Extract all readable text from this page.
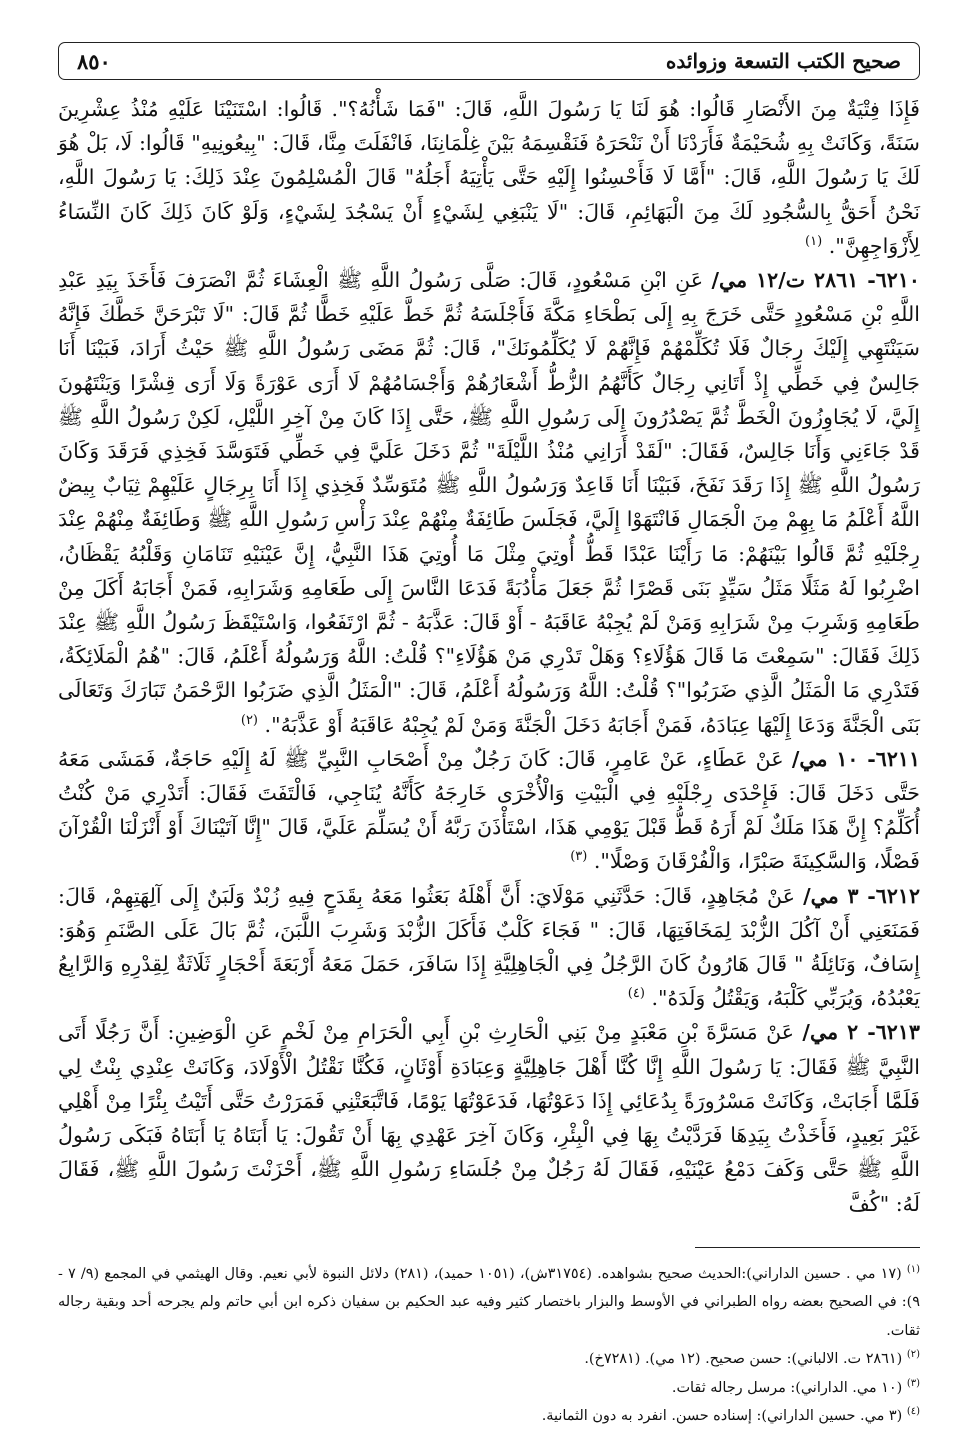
صحيح الكتب التسعة وزوائده
٨٥٠

فَإِذَا فِتْيَةٌ مِنَ الأَنْصَارِ قَالُوا: هُوَ لَنَا يَا رَسُولَ اللَّهِ، قَالَ: "فَمَا شَأْنُهُ؟". قَالُوا: اسْتَنَيْنَا عَلَيْهِ مُنْذُ عِشْرِينَ سَنَةً، وَكَانَتْ بِهِ شُحَيْمَةٌ فَأَرَدْنَا أَنْ نَنْحَرَهُ فَنَقْسِمَهُ بَيْنَ غِلْمَانِنَا، فَانْفَلَتَ مِنَّا، قَالَ: "بِيعُونِيهِ" قَالُوا: لَا، بَلْ هُوَ لَكَ يَا رَسُولَ اللَّهِ، قَالَ: "أَمَّا لَا فَأَحْسِنُوا إِلَيْهِ حَتَّى يَأْتِيَهُ أَجَلُهُ" قَالَ الْمُسْلِمُونَ عِنْدَ ذَلِكَ: يَا رَسُولَ اللَّهِ، نَحْنُ أَحَقُّ بِالسُّجُودِ لَكَ مِنَ الْبَهَائِمِ، قَالَ: "لَا يَنْبَغِي لِشَيْءٍ أَنْ يَسْجُدَ لِشَيْءٍ، وَلَوْ كَانَ ذَلِكَ كَانَ النِّسَاءُ لِأَزْوَاجِهِنَّ". $^{(١)}$

٦٢١٠- ٢٨٦١ ت/١٢ مي/ عَنِ ابْنِ مَسْعُودٍ، قَالَ: صَلَّى رَسُولُ اللَّهِ ﷺ الْعِشَاءَ ثُمَّ انْصَرَفَ فَأَخَذَ بِيَدِ عَبْدِ اللَّهِ بْنِ مَسْعُودٍ حَتَّى خَرَجَ بِهِ إِلَى بَطْحَاءِ مَكَّةَ فَأَجْلَسَهُ ثُمَّ خَطَّ عَلَيْهِ خَطًّا ثُمَّ قَالَ: "لَا تَبْرَحَنَّ خَطَّكَ فَإِنَّهُ سَيَنْتَهِي إِلَيْكَ رِجَالٌ فَلَا تُكَلِّمْهُمْ فَإِنَّهُمْ لَا يُكَلِّمُونَكَ"، قَالَ: ثُمَّ مَضَى رَسُولُ اللَّهِ ﷺ حَيْثُ أَرَادَ، فَبَيْنَا أَنَا جَالِسٌ فِي خَطِّي إِذْ أَتَانِي رِجَالٌ كَأَنَّهُمُ الزُّطُّ أَشْعَارُهُمْ وَأَجْسَامُهُمْ لَا أَرَى عَوْرَةً وَلَا أَرَى قِشْرًا وَيَنْتَهُونَ إِلَيَّ، لَا يُجَاوِزُونَ الْخَطَّ ثُمَّ يَصْدُرُونَ إِلَى رَسُولِ اللَّهِ ﷺ، حَتَّى إِذَا كَانَ مِنْ آخِرِ اللَّيْلِ، لَكِنْ رَسُولُ اللَّهِ ﷺ قَدْ جَاءَنِي وَأَنَا جَالِسٌ، فَقَالَ: "لَقَدْ أَرَانِي مُنْذُ اللَّيْلَةَ" ثُمَّ دَخَلَ عَلَيَّ فِي خَطِّي فَتَوَسَّدَ فَخِذِي فَرَقَدَ وَكَانَ رَسُولُ اللَّهِ ﷺ إِذَا رَقَدَ نَفَخَ، فَبَيْنَا أَنَا قَاعِدٌ وَرَسُولُ اللَّهِ ﷺ مُتَوَسِّدٌ فَخِذِي إِذَا أَنَا بِرِجَالٍ عَلَيْهِمْ ثِيَابٌ بِيضٌ اللَّهُ أَعْلَمُ مَا بِهِمْ مِنَ الْجَمَالِ فَانْتَهَوْا إِلَيَّ، فَجَلَسَ طَائِفَةٌ مِنْهُمْ عِنْدَ رَأْسِ رَسُولِ اللَّهِ ﷺ وَطَائِفَةٌ مِنْهُمْ عِنْدَ رِجْلَيْهِ ثُمَّ قَالُوا بَيْنَهُمْ: مَا رَأَيْنَا عَبْدًا قَطُّ أُوتِيَ مِثْلَ مَا أُوتِيَ هَذَا النَّبِيُّ، إِنَّ عَيْنَيْهِ تَنَامَانِ وَقَلْبُهُ يَقْظَانُ، اضْرِبُوا لَهُ مَثَلًا مَثَلُ سَيِّدٍ بَنَى قَصْرًا ثُمَّ جَعَلَ مَأْدُبَةً فَدَعَا النَّاسَ إِلَى طَعَامِهِ وَشَرَابِهِ، فَمَنْ أَجَابَهُ أَكَلَ مِنْ طَعَامِهِ وَشَرِبَ مِنْ شَرَابِهِ وَمَنْ لَمْ يُجِبْهُ عَاقَبَهُ - أَوْ قَالَ: عَذَّبَهُ - ثُمَّ ارْتَفَعُوا، وَاسْتَيْقَظَ رَسُولُ اللَّهِ ﷺ عِنْدَ ذَلِكَ فَقَالَ: "سَمِعْتَ مَا قَالَ هَؤُلَاءِ؟ وَهَلْ تَدْرِي مَنْ هَؤُلَاءِ"؟ قُلْتُ: اللَّهُ وَرَسُولُهُ أَعْلَمُ، قَالَ: "هُمُ الْمَلَائِكَةُ، فَتَدْرِي مَا الْمَثَلُ الَّذِي ضَرَبُوا"؟ قُلْتُ: اللَّهُ وَرَسُولُهُ أَعْلَمُ، قَالَ: "الْمَثَلُ الَّذِي ضَرَبُوا الرَّحْمَنُ تَبَارَكَ وَتَعَالَى بَنَى الْجَنَّةَ وَدَعَا إِلَيْهَا عِبَادَهُ، فَمَنْ أَجَابَهُ دَخَلَ الْجَنَّةَ وَمَنْ لَمْ يُجِبْهُ عَاقَبَهُ أَوْ عَذَّبَهُ". $^{(٢)}$

٦٢١١- ١٠ مي/ عَنْ عَطَاءٍ، عَنْ عَامِرٍ، قَالَ: كَانَ رَجُلٌ مِنْ أَصْحَابِ النَّبِيِّ ﷺ لَهُ إِلَيْهِ حَاجَةٌ، فَمَشَى مَعَهُ حَتَّى دَخَلَ قَالَ: فَإِحْدَى رِجْلَيْهِ فِي الْبَيْتِ وَالْأُخْرَى خَارِجَهُ كَأَنَّهُ يُنَاجِي، فَالْتَفَتَ فَقَالَ: أَتَدْرِي مَنْ كُنْتُ أُكَلِّمُ؟ إِنَّ هَذَا مَلَكٌ لَمْ أَرَهُ قَطُّ قَبْلَ يَوْمِي هَذَا، اسْتَأْذَنَ رَبَّهُ أَنْ يُسَلِّمَ عَلَيَّ، قَالَ "إِنَّا آتَيْنَاكَ أَوْ أَنْزَلْنَا الْقُرْآنَ فَصْلًا، وَالسَّكِينَةَ صَبْرًا، وَالْفُرْقَانَ وَصْلًا". $^{(٣)}$

٦٢١٢- ٣ مي/ عَنْ مُجَاهِدٍ، قَالَ: حَدَّثَنِي مَوْلَايَ: أَنَّ أَهْلَهُ بَعَثُوا مَعَهُ بِقَدَحٍ فِيهِ زُبْدٌ وَلَبَنٌ إِلَى آلِهَتِهِمْ، قَالَ: فَمَنَعَنِي أَنْ آكُلَ الزُّبْدَ لِمَخَافَتِهَا، قَالَ: " فَجَاءَ كَلْبٌ فَأَكَلَ الزُّبْدَ وَشَرِبَ اللَّبَنَ، ثُمَّ بَالَ عَلَى الصَّنَمِ وَهُوَ: إِسَافٌ، وَنَائِلَةُ " قَالَ هَارُونُ كَانَ الرَّجُلُ فِي الْجَاهِلِيَّةِ إِذَا سَافَرَ، حَمَلَ مَعَهُ أَرْبَعَةَ أَحْجَارٍ ثَلَاثَةٌ لِقِدْرِهِ وَالرَّابِعُ يَعْبُدُهُ، وَيُرَبِّي كَلْبَهُ، وَيَقْتُلُ وَلَدَهُ". $^{(٤)}$

٦٢١٣- ٢ مي/ عَنْ مَسَرَّةَ بْنِ مَعْبَدٍ مِنْ بَنِي الْحَارِثِ بْنِ أَبِي الْحَرَامِ مِنْ لَخْمٍ عَنِ الْوَضِينِ: أَنَّ رَجُلًا أَتَى النَّبِيَّ ﷺ فَقَالَ: يَا رَسُولَ اللَّهِ إِنَّا كُنَّا أَهْلَ جَاهِلِيَّةٍ وَعِبَادَةِ أَوْثَانٍ، فَكُنَّا نَقْتُلُ الْأَوْلَادَ، وَكَانَتْ عِنْدِي بِنْتٌ لِي فَلَمَّا أَجَابَتْ، وَكَانَتْ مَسْرُورَةً بِدُعَائِي إِذَا دَعَوْتُهَا، فَدَعَوْتُهَا يَوْمًا، فَاتَّبَعَتْنِي فَمَرَرْتُ حَتَّى أَتَيْتُ بِئْرًا مِنْ أَهْلِي غَيْرَ بَعِيدٍ، فَأَخَذْتُ بِيَدِهَا فَرَدَّيْتُ بِهَا فِي الْبِئْرِ، وَكَانَ آخِرَ عَهْدِي بِهَا أَنْ تَقُولَ: يَا أَبَتَاهُ يَا أَبَتَاهُ فَبَكَى رَسُولُ اللَّهِ ﷺ حَتَّى وَكَفَ دَمْعُ عَيْنَيْهِ، فَقَالَ لَهُ رَجُلٌ مِنْ جُلَسَاءِ رَسُولِ اللَّهِ ﷺ، أَحْزَنْتَ رَسُولَ اللَّهِ ﷺ، فَقَالَ لَهُ: "كُفَّ

$^{(١)}$ (١٧ مي . حسين الداراني):الحديث صحيح بشواهده. (٣١٧٥٤ش)، (١٠٥١ حميد)، (٢٨١) دلائل النبوة لأبي نعيم. وقال الهيثمي في المجمع (٩/ ٧ - ٩): في الصحيح بعضه رواه الطبراني في الأوسط والبزار باختصار كثير وفيه عبد الحكيم بن سفيان ذكره ابن أبي حاتم ولم يجرحه أحد وبقية رجاله ثقات.

$^{(٢)}$ (٢٨٦١ ت. الالباني): حسن صحيح. (١٢ مي). (٧٢٨١خ).

$^{(٣)}$ (١٠ مي. الداراني): مرسل رجاله ثقات.

$^{(٤)}$ (٣ مي. حسين الداراني): إسناده حسن. انفرد به دون الثمانية.
